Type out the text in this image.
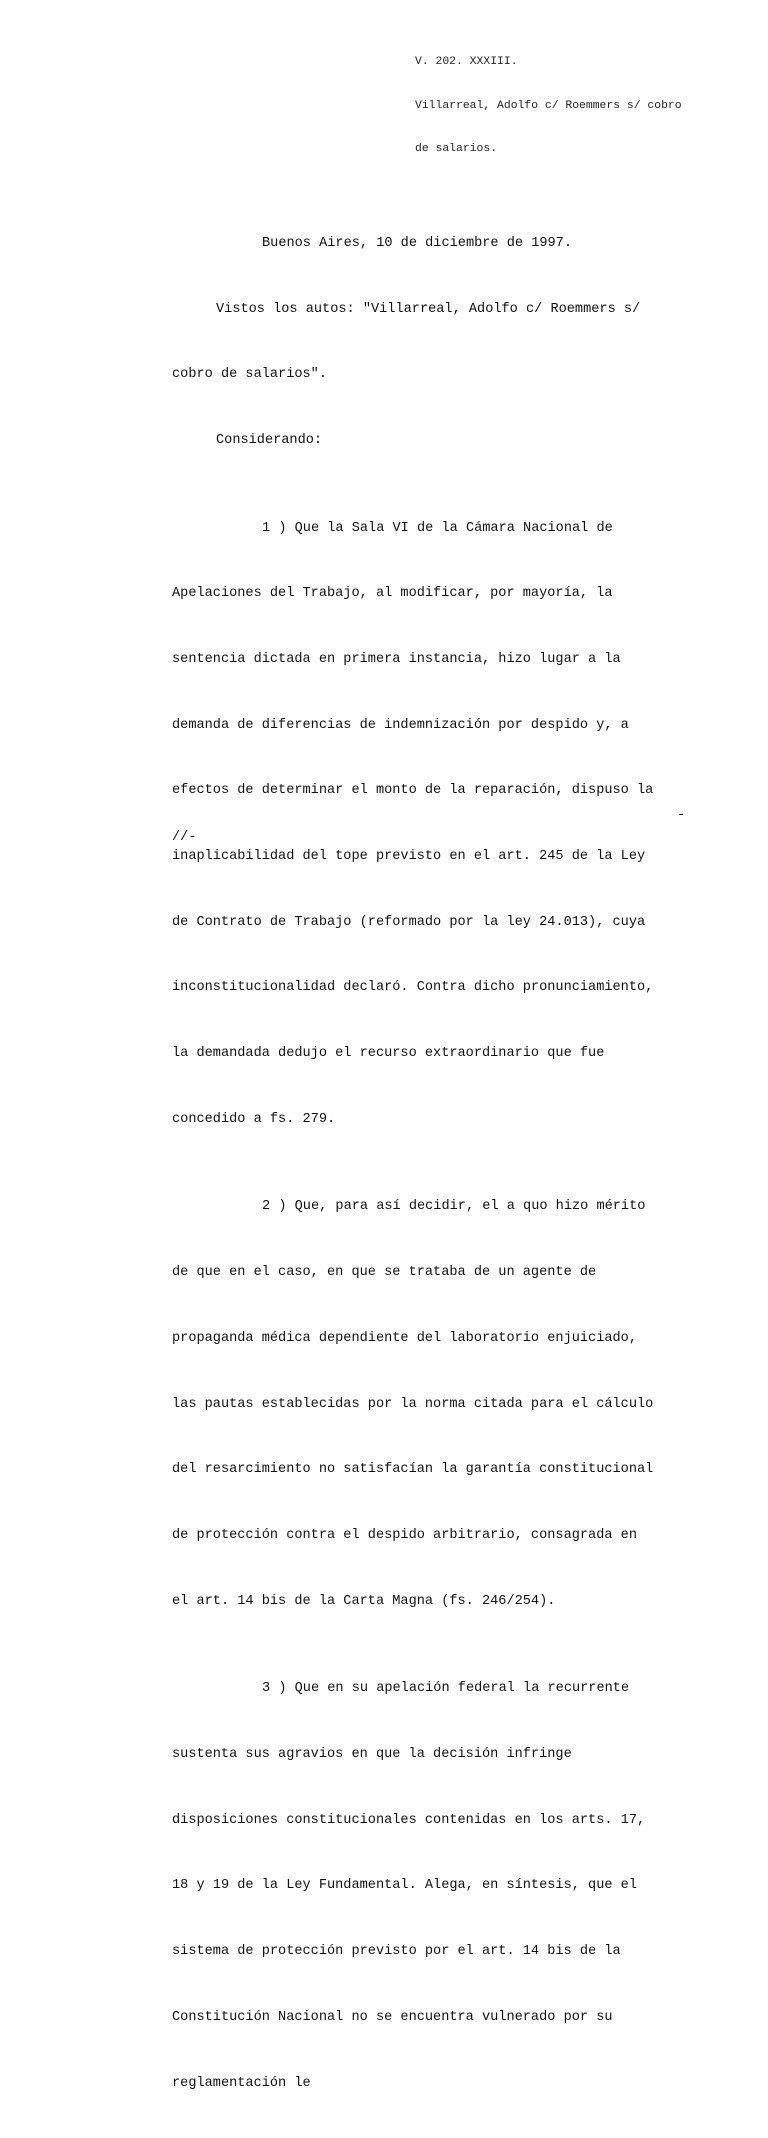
V. 202. XXXIII.

Villarreal, Adolfo c/ Roemmers s/ cobro

de salarios.

Buenos Aires, 10 de diciembre de 1997.

Vistos los autos: "Villarreal, Adolfo c/ Roemmers s/

cobro de salarios".

Considerando:

1 ) Que la Sala VI de la Cámara Nacional de

Apelaciones del Trabajo, al modificar, por mayoría, la

sentencia dictada en primera instancia, hizo lugar a la

demanda de diferencias de indemnización por despido y, a

efectos de determinar el monto de la reparación, dispuso la

inaplicabilidad del tope previsto en el art. 245 de la Ley

de Contrato de Trabajo (reformado por la ley 24.013), cuya

inconstitucionalidad declaró. Contra dicho pronunciamiento,

la demandada dedujo el recurso extraordinario que fue

concedido a fs. 279.

2 ) Que, para así decidir, el a quo hizo mérito

de que en el caso, en que se trataba de un agente de

propaganda médica dependiente del laboratorio enjuiciado,

las pautas establecidas por la norma citada para el cálculo

del resarcimiento no satisfacían la garantía constitucional

de protección contra el despido arbitrario, consagrada en

el art. 14 bis de la Carta Magna (fs. 246/254).

3 ) Que en su apelación federal la recurrente

sustenta sus agravios en que la decisión infringe

disposiciones constitucionales contenidas en los arts. 17,

18 y 19 de la Ley Fundamental. Alega, en síntesis, que el

sistema de protección previsto por el art. 14 bis de la

Constitución Nacional no se encuentra vulnerado por su

reglamentación le

-
//-
